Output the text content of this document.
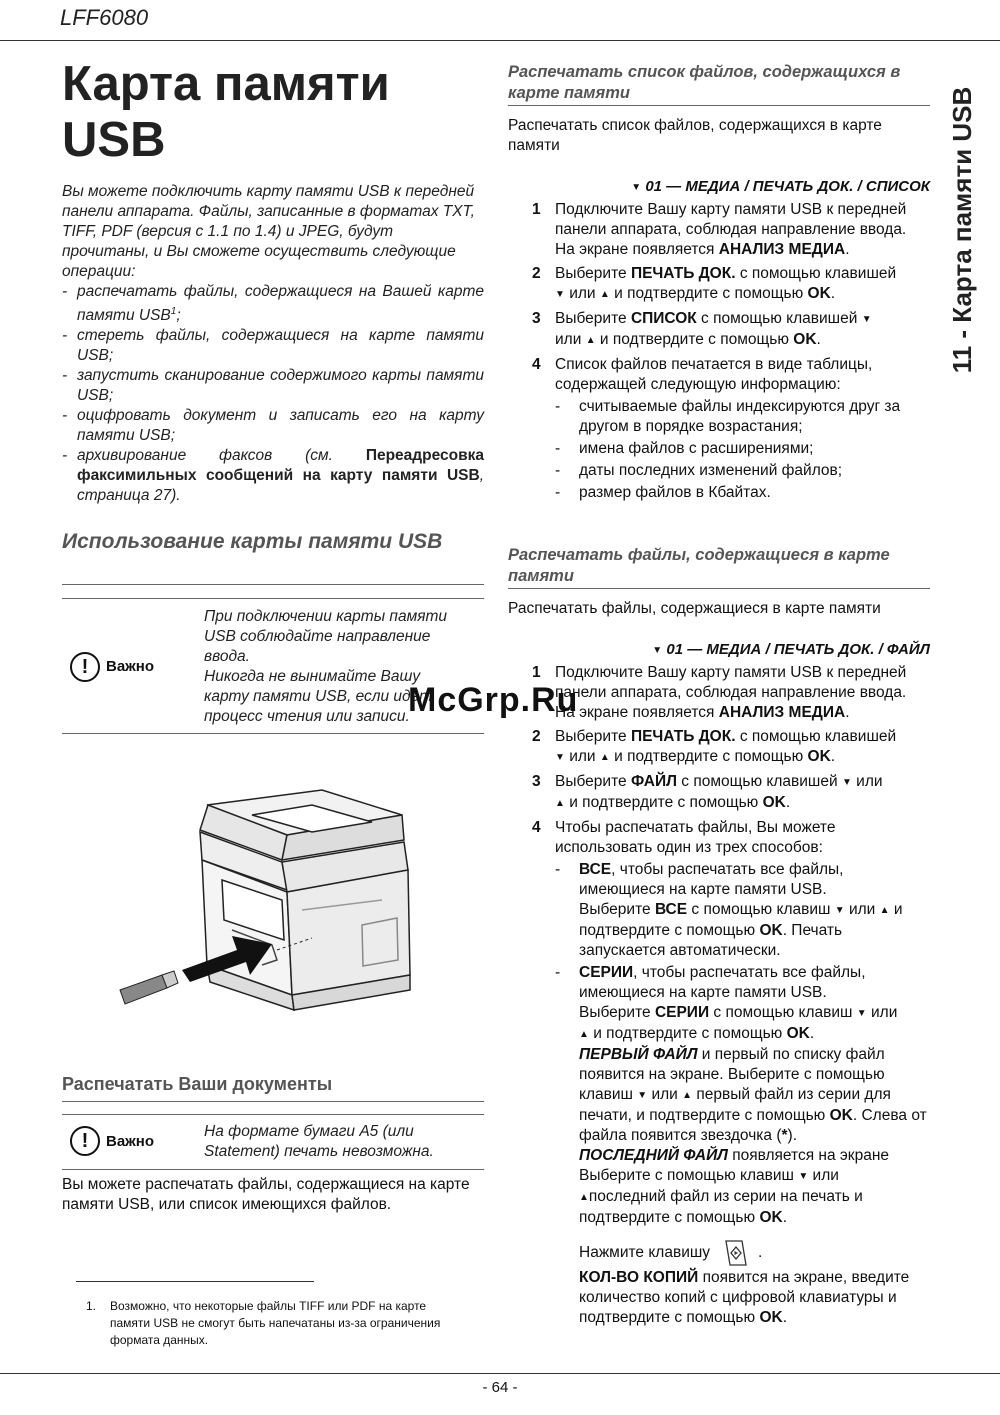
LFF6080
Карта памяти USB

Вы можете подключить карту памяти USB к передней панели аппарата. Файлы, записанные в форматах TXT, TIFF, PDF (версия с 1.1 по 1.4) и JPEG, будут прочитаны, и Вы сможете осуществить следующие операции:

- распечатать файлы, содержащиеся на Вашей карте памяти USB$^1$;
- стереть файлы, содержащиеся на карте памяти USB;
- запустить сканирование содержимого карты памяти USB;
- оцифровать документ и записать его на карту памяти USB;
- архивирование факсов (см. Переадресовка факсимильных сообщений на карту памяти USB, страница 27).
Использование карты памяти USB
!	Важно
При подключении карты памяти USB соблюдайте направление ввода.
Никогда не вынимайте Вашу карту памяти USB, если идет процесс чтения или записи.
McGrp.Ru
Распечатать Ваши документы
!	Важно
На формате бумаги A5 (или Statement) печать невозможна.
Вы можете распечатать файлы, содержащиеся на карте памяти USB, или список имеющихся файлов.
1.	Возможно, что некоторые файлы TIFF или PDF на карте памяти USB не смогут быть напечатаны из-за ограничения формата данных.
Распечатать список файлов, содержащихся в карте памяти
Распечатать список файлов, содержащихся в карте памяти
▼ 01 — МЕДИА / ПЕЧАТЬ ДОК. / СПИСОК
1 Подключите Вашу карту памяти USB к передней панели аппарата, соблюдая направление ввода. На экране появляется АНАЛИЗ МЕДИА.
2 Выберите ПЕЧАТЬ ДОК. с помощью клавишей
▼ или ▲ и подтвердите с помощью OK.
3 Выберите СПИСОК с помощью клавишей ▼
или ▲ и подтвердите с помощью OK.
4 Список файлов печатается в виде таблицы, содержащей следующую информацию:
-	считываемые файлы индексируются друг за другом в порядке возрастания;
-	имена файлов с расширениями;
-	даты последних изменений файлов;
-	размер файлов в Кбайтах.
Распечатать файлы, содержащиеся в карте памяти
Распечатать файлы, содержащиеся в карте памяти
▼ 01 — МЕДИА / ПЕЧАТЬ ДОК. / ФАЙЛ
1 Подключите Вашу карту памяти USB к передней панели аппарата, соблюдая направление ввода. На экране появляется АНАЛИЗ МЕДИА.
2 Выберите ПЕЧАТЬ ДОК. с помощью клавишей
▼ или ▲ и подтвердите с помощью OK.
3 Выберите ФАЙЛ с помощью клавишей ▼ или
▲ и подтвердите с помощью OK.
4 Чтобы распечатать файлы, Вы можете использовать один из трех способов:
-	ВСЕ, чтобы распечатать все файлы, имеющиеся на карте памяти USB.
Выберите ВСЕ с помощью клавиш ▼ или ▲ и подтвердите с помощью OK. Печать запускается автоматически.
-	СЕРИИ, чтобы распечатать все файлы, имеющиеся на карте памяти USB.
Выберите СЕРИИ с помощью клавиш ▼ или
▲ и подтвердите с помощью OK.
ПЕРВЫЙ ФАЙЛ и первый по списку файл появится на экране. Выберите с помощью клавиш ▼ или ▲ первый файл из серии для печати, и подтвердите с помощью OK. Слева от файла появится звездочка (*).
ПОСЛЕДНИЙ ФАЙЛ появляется на экране Выберите с помощью клавиш ▼ или
▲последний файл из серии на печать и подтвердите с помощью OK.
Нажмите клавишу	.
КОЛ-ВО КОПИЙ появится на экране, введите количество копий с цифровой клавиатуры и подтвердите с помощью OK.
11 - Карта памяти USB
- 64 -
